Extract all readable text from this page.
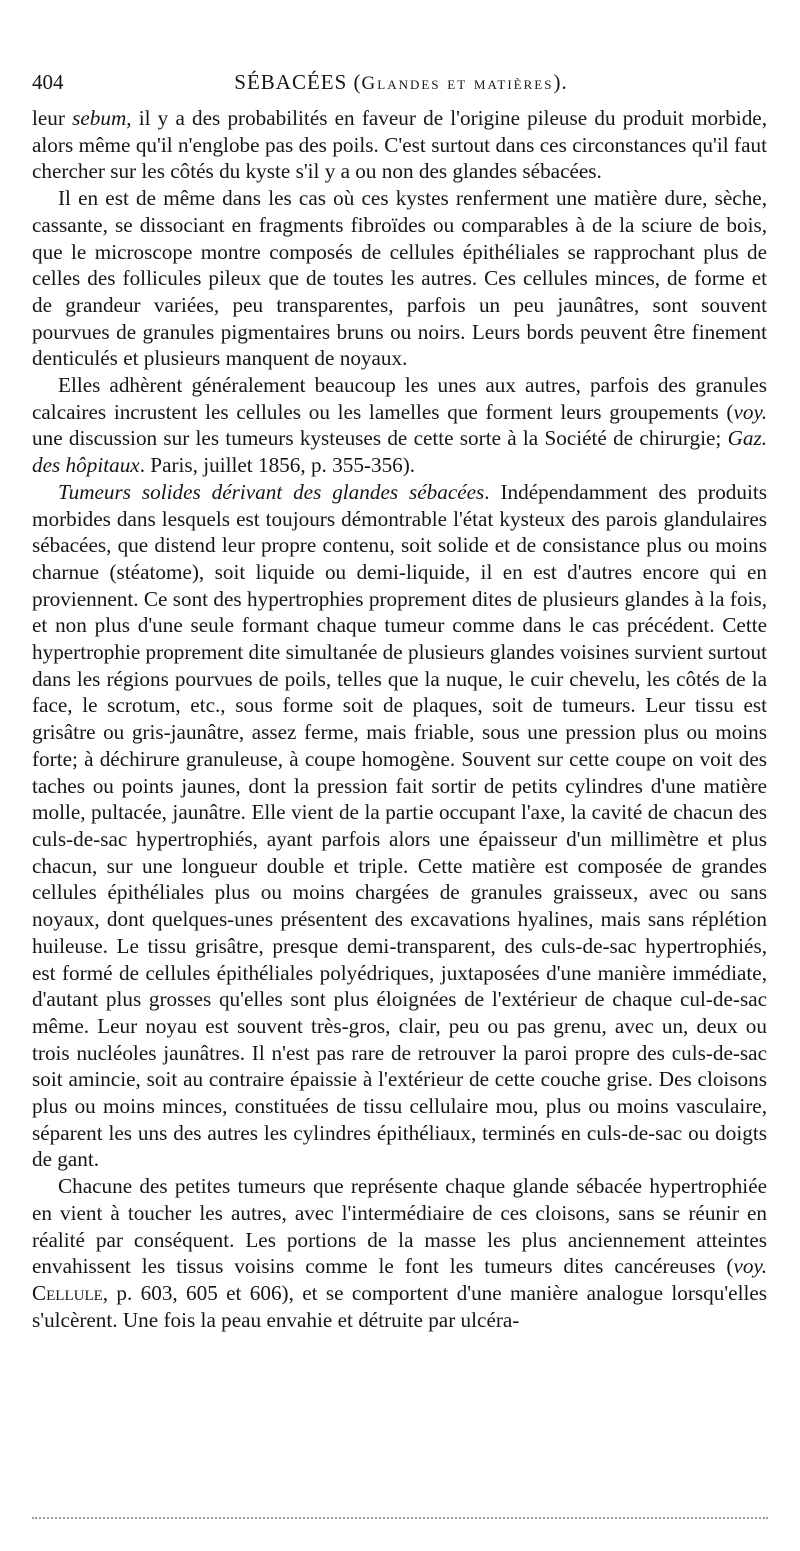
404	SÉBACÉES (Glandes et matières).

leur sebum, il y a des probabilités en faveur de l'origine pileuse du produit morbide, alors même qu'il n'englobe pas des poils. C'est surtout dans ces circonstances qu'il faut chercher sur les côtés du kyste s'il y a ou non des glandes sébacées.

Il en est de même dans les cas où ces kystes renferment une matière dure, sèche, cassante, se dissociant en fragments fibroïdes ou comparables à de la sciure de bois, que le microscope montre composés de cellules épithéliales se rapprochant plus de celles des follicules pileux que de toutes les autres. Ces cellules minces, de forme et de grandeur variées, peu transparentes, parfois un peu jaunâtres, sont souvent pourvues de granules pigmentaires bruns ou noirs. Leurs bords peuvent être finement denticulés et plusieurs manquent de noyaux.

Elles adhèrent généralement beaucoup les unes aux autres, parfois des granules calcaires incrustent les cellules ou les lamelles que forment leurs groupements (voy. une discussion sur les tumeurs kysteuses de cette sorte à la Société de chirurgie; Gaz. des hôpitaux. Paris, juillet 1856, p. 355-356).

Tumeurs solides dérivant des glandes sébacées. Indépendamment des produits morbides dans lesquels est toujours démontrable l'état kysteux des parois glandulaires sébacées, que distend leur propre contenu, soit solide et de consistance plus ou moins charnue (stéatome), soit liquide ou demi-liquide, il en est d'autres encore qui en proviennent. Ce sont des hypertrophies proprement dites de plusieurs glandes à la fois, et non plus d'une seule formant chaque tumeur comme dans le cas précédent. Cette hypertrophie proprement dite simultanée de plusieurs glandes voisines survient surtout dans les régions pourvues de poils, telles que la nuque, le cuir chevelu, les côtés de la face, le scrotum, etc., sous forme soit de plaques, soit de tumeurs. Leur tissu est grisâtre ou gris-jaunâtre, assez ferme, mais friable, sous une pression plus ou moins forte; à déchirure granuleuse, à coupe homogène. Souvent sur cette coupe on voit des taches ou points jaunes, dont la pression fait sortir de petits cylindres d'une matière molle, pultacée, jaunâtre. Elle vient de la partie occupant l'axe, la cavité de chacun des culs-de-sac hypertrophiés, ayant parfois alors une épaisseur d'un millimètre et plus chacun, sur une longueur double et triple. Cette matière est composée de grandes cellules épithéliales plus ou moins chargées de granules graisseux, avec ou sans noyaux, dont quelques-unes présentent des excavations hyalines, mais sans réplétion huileuse. Le tissu grisâtre, presque demi-transparent, des culs-de-sac hypertrophiés, est formé de cellules épithéliales polyédriques, juxtaposées d'une manière immédiate, d'autant plus grosses qu'elles sont plus éloignées de l'extérieur de chaque cul-de-sac même. Leur noyau est souvent très-gros, clair, peu ou pas grenu, avec un, deux ou trois nucléoles jaunâtres. Il n'est pas rare de retrouver la paroi propre des culs-de-sac soit amincie, soit au contraire épaissie à l'extérieur de cette couche grise. Des cloisons plus ou moins minces, constituées de tissu cellulaire mou, plus ou moins vasculaire, séparent les uns des autres les cylindres épithéliaux, terminés en culs-de-sac ou doigts de gant.

Chacune des petites tumeurs que représente chaque glande sébacée hypertrophiée en vient à toucher les autres, avec l'intermédiaire de ces cloisons, sans se réunir en réalité par conséquent. Les portions de la masse les plus anciennement atteintes envahissent les tissus voisins comme le font les tumeurs dites cancéreuses (voy. Cellule, p. 603, 605 et 606), et se comportent d'une manière analogue lorsqu'elles s'ulcèrent. Une fois la peau envahie et détruite par ulcéra-
